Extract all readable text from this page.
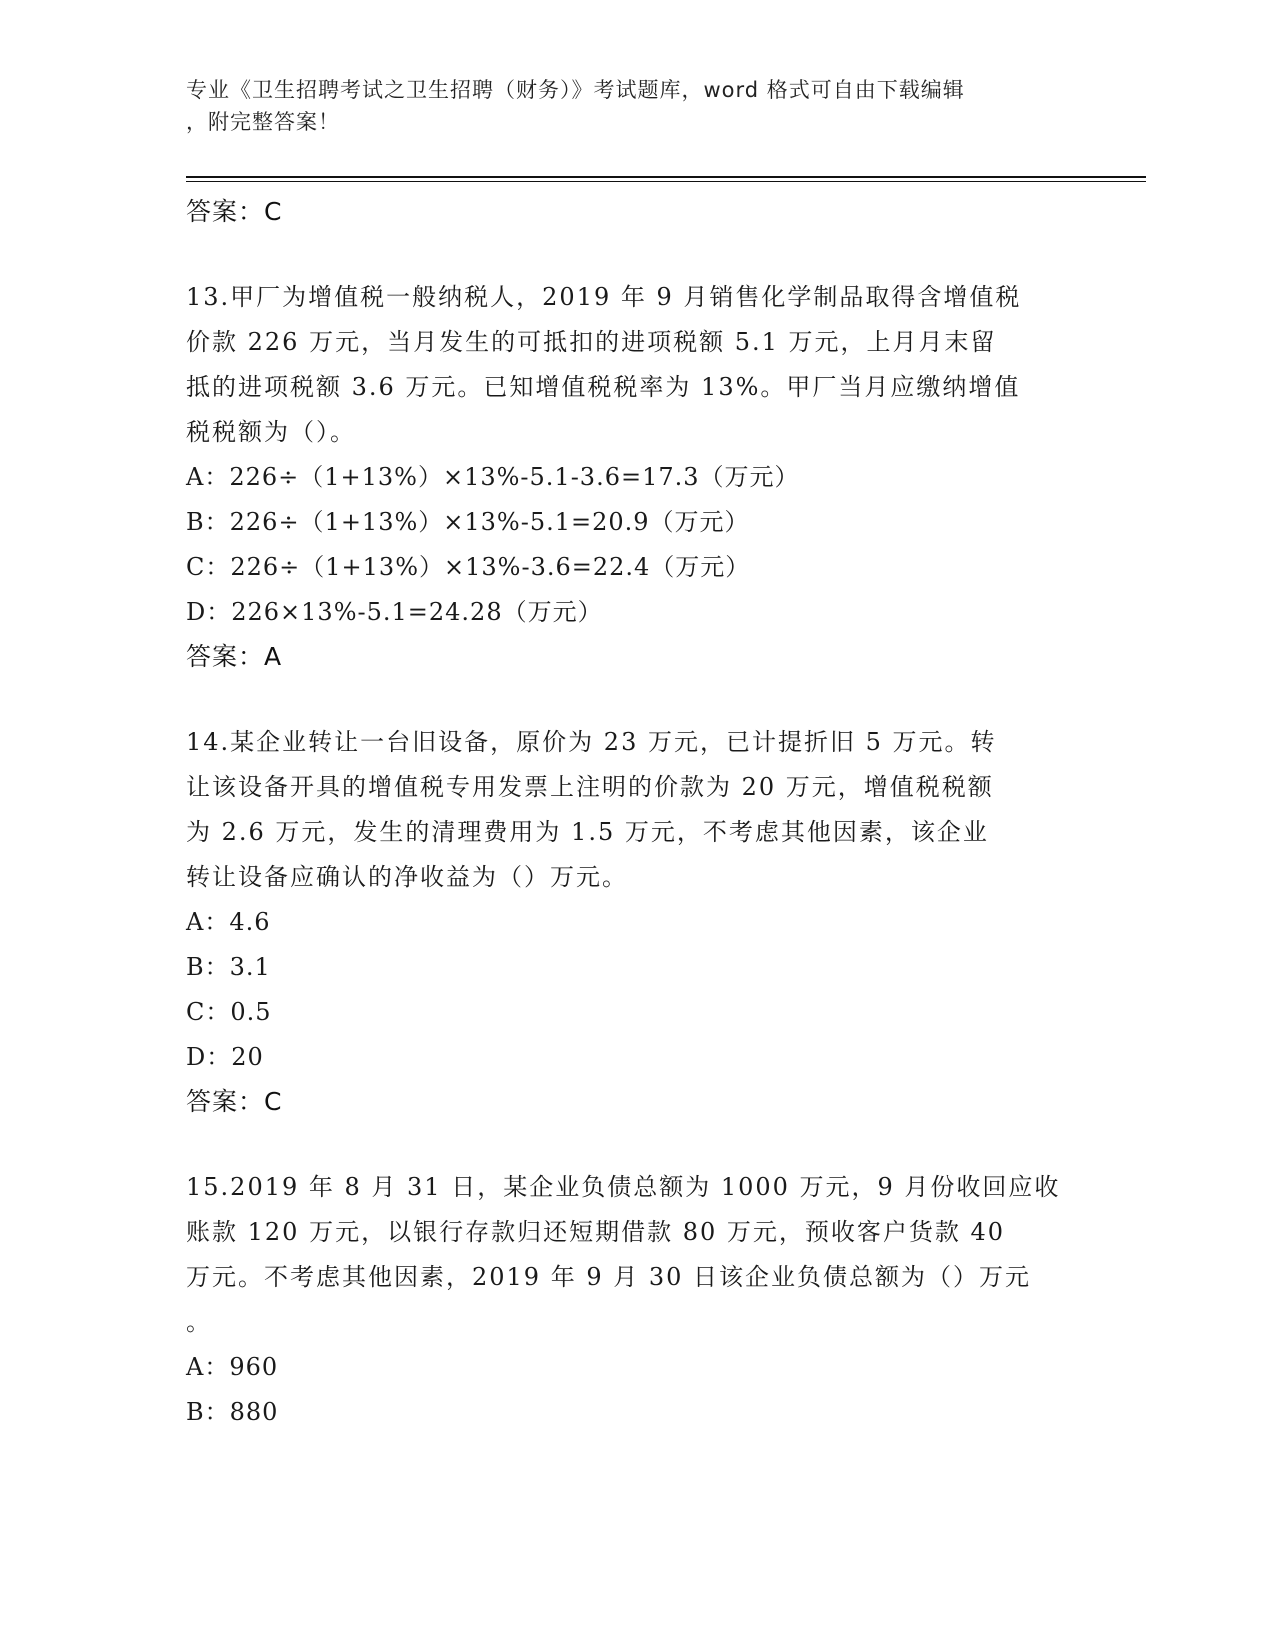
专业《卫生招聘考试之卫生招聘（财务）》考试题库，word 格式可自由下载编辑
，附完整答案！
答案：C
13.甲厂为增值税一般纳税人，2019 年 9 月销售化学制品取得含增值税
价款 226 万元，当月发生的可抵扣的进项税额 5.1 万元，上月月末留
抵的进项税额 3.6 万元。已知增值税税率为 13%。甲厂当月应缴纳增值
税税额为（）。
A：226÷（1+13%）×13%-5.1-3.6=17.3（万元）
B：226÷（1+13%）×13%-5.1=20.9（万元）
C：226÷（1+13%）×13%-3.6=22.4（万元）
D：226×13%-5.1=24.28（万元）
答案：A
14.某企业转让一台旧设备，原价为 23 万元，已计提折旧 5 万元。转
让该设备开具的增值税专用发票上注明的价款为 20 万元，增值税税额
为 2.6 万元，发生的清理费用为 1.5 万元，不考虑其他因素，该企业
转让设备应确认的净收益为（）万元。
A：4.6
B：3.1
C：0.5
D：20
答案：C
15.2019 年 8 月 31 日，某企业负债总额为 1000 万元，9 月份收回应收
账款 120 万元，以银行存款归还短期借款 80 万元，预收客户货款 40
万元。不考虑其他因素，2019 年 9 月 30 日该企业负债总额为（）万元
。
A：960
B：880
